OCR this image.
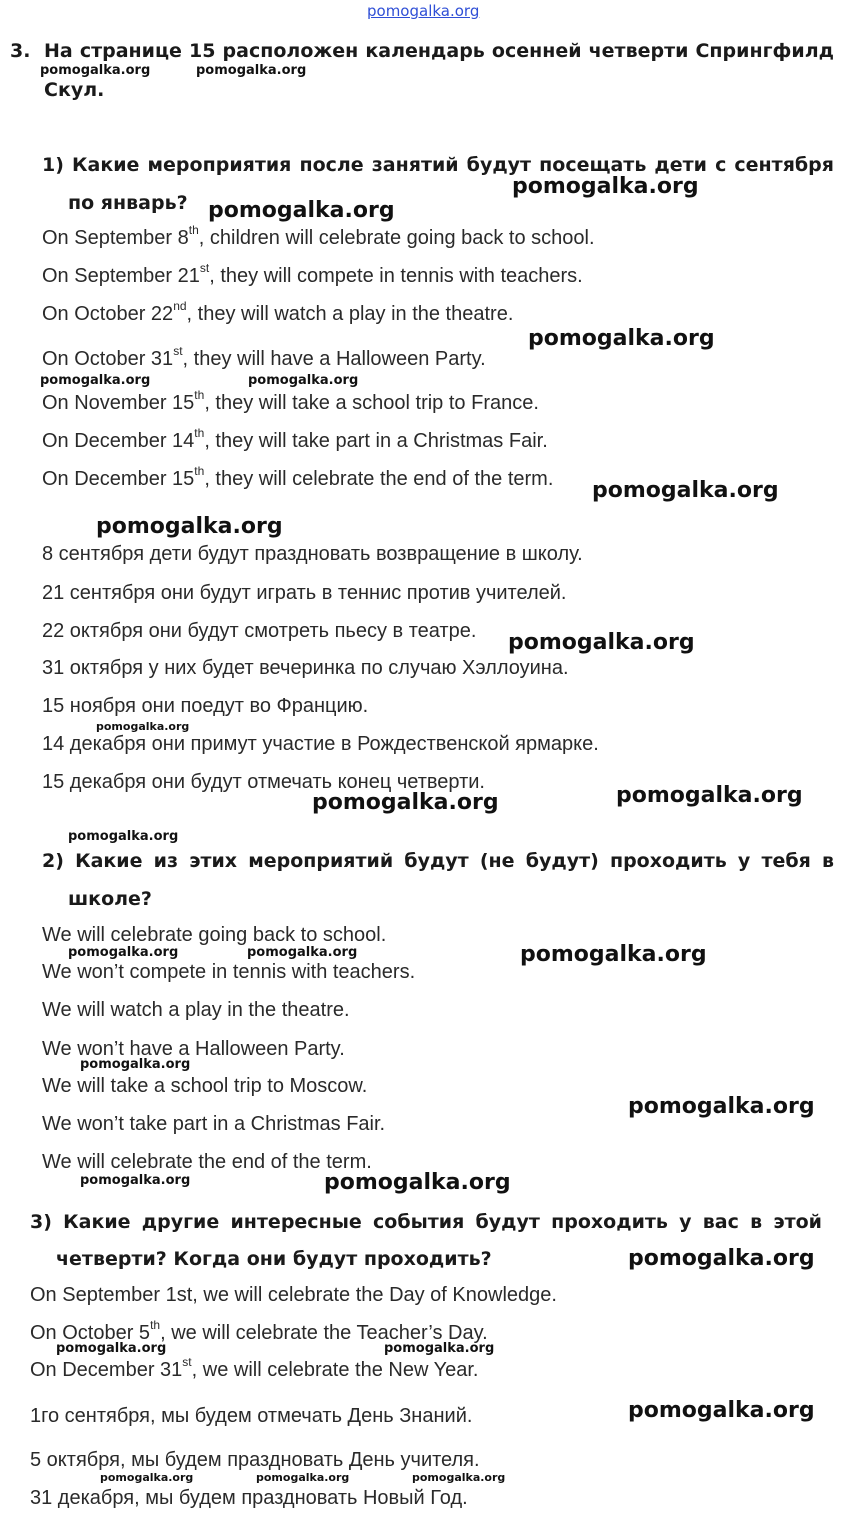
pomogalka.org
3. На странице 15 расположен календарь осенней четверти Спрингфилд
Скул.
1) Какие мероприятия после занятий будут посещать дети с сентября
по январь?
On September 8th, children will celebrate going back to school.
On September 21st, they will compete in tennis with teachers.
On October 22nd, they will watch a play in the theatre.
On October 31st, they will have a Halloween Party.
On November 15th, they will take a school trip to France.
On December 14th, they will take part in a Christmas Fair.
On December 15th, they will celebrate the end of the term.
8 сентября дети будут праздновать возвращение в школу.
21 сентября они будут играть в теннис против учителей.
22 октября они будут смотреть пьесу в театре.
31 октября у них будет вечеринка по случаю Хэллоуина.
15 ноября они поедут во Францию.
14 декабря они примут участие в Рождественской ярмарке.
15 декабря они будут отмечать конец четверти.
2) Какие из этих мероприятий будут (не будут) проходить у тебя в
школе?
We will celebrate going back to school.
We won’t compete in tennis with teachers.
We will watch a play in the theatre.
We won’t have a Halloween Party.
We will take a school trip to Moscow.
We won’t take part in a Christmas Fair.
We will celebrate the end of the term.
3) Какие другие интересные события будут проходить у вас в этой
четверти? Когда они будут проходить?
On September 1st, we will celebrate the Day of Knowledge.
On October 5th, we will celebrate the Teacher’s Day.
On December 31st, we will celebrate the New Year.
1го сентября, мы будем отмечать День Знаний.
5 октября, мы будем праздновать День учителя.
31 декабря, мы будем праздновать Новый Год.
pomogalka.org	pomogalka.org
pomogalka.org	pomogalka.org
pomogalka.org
pomogalka.org
pomogalka.org	pomogalka.org
pomogalka.org
pomogalka.org
pomogalka.org	pomogalka.org
pomogalka.org	pomogalka.org	pomogalka.org
pomogalka.org
pomogalka.org
pomogalka.org
pomogalka.org
pomogalka.org
pomogalka.org
pomogalka.org
pomogalka.org
pomogalka.org
pomogalka.org
pomogalka.org
pomogalka.org
pomogalka.org
